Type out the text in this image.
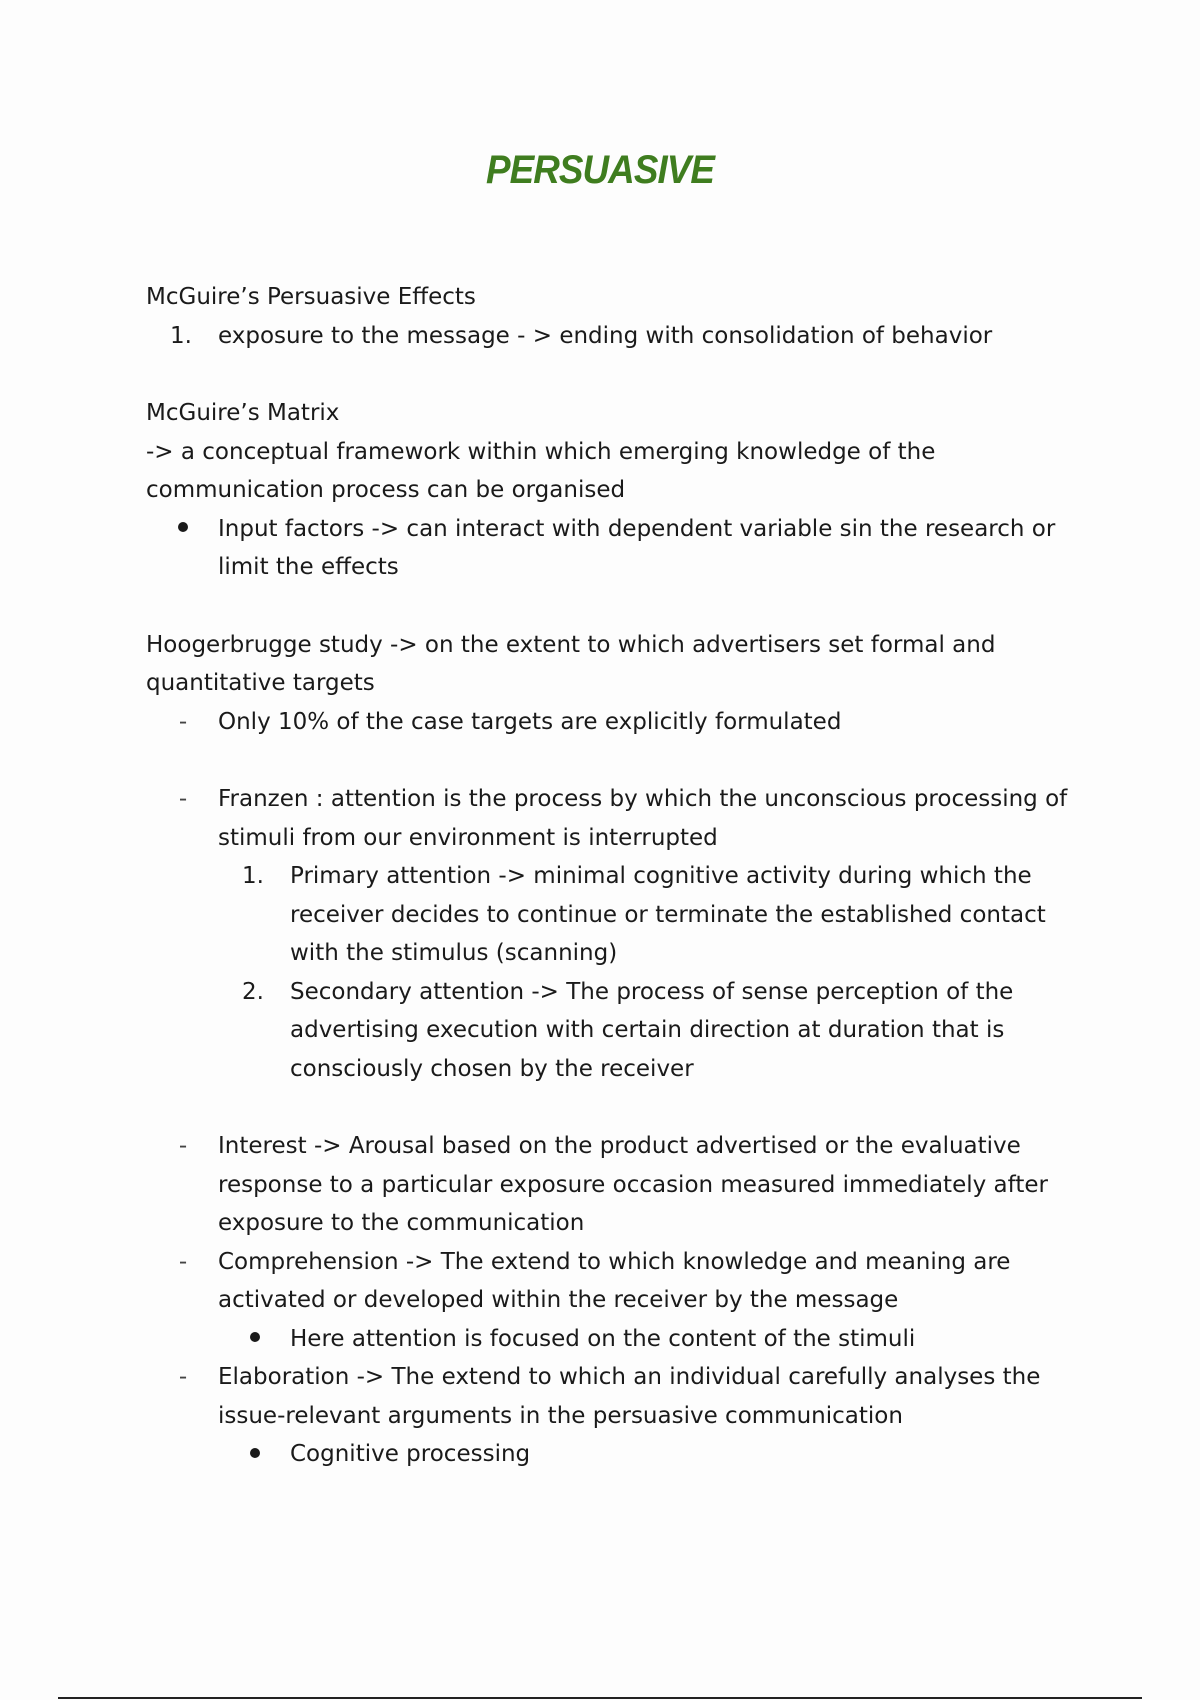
PERSUASIVE

McGuire’s Persuasive Effects

1. exposure to the message - > ending with consolidation of behavior

McGuire’s Matrix

-> a conceptual framework within which emerging knowledge of the

communication process can be organised

Input factors -> can interact with dependent variable sin the research or

limit the effects

Hoogerbrugge study -> on the extent to which advertisers set formal and

quantitative targets

-	Only 10% of the case targets are explicitly formulated

-	Franzen : attention is the process by which the unconscious processing of

stimuli from our environment is interrupted

1. Primary attention -> minimal cognitive activity during which the

receiver decides to continue or terminate the established contact

with the stimulus (scanning)

2. Secondary attention -> The process of sense perception of the

advertising execution with certain direction at duration that is

consciously chosen by the receiver

-	Interest -> Arousal based on the product advertised or the evaluative

response to a particular exposure occasion measured immediately after

exposure to the communication

-	Comprehension -> The extend to which knowledge and meaning are

activated or developed within the receiver by the message

Here attention is focused on the content of the stimuli

-	Elaboration -> The extend to which an individual carefully analyses the

issue-relevant arguments in the persuasive communication

Cognitive processing
